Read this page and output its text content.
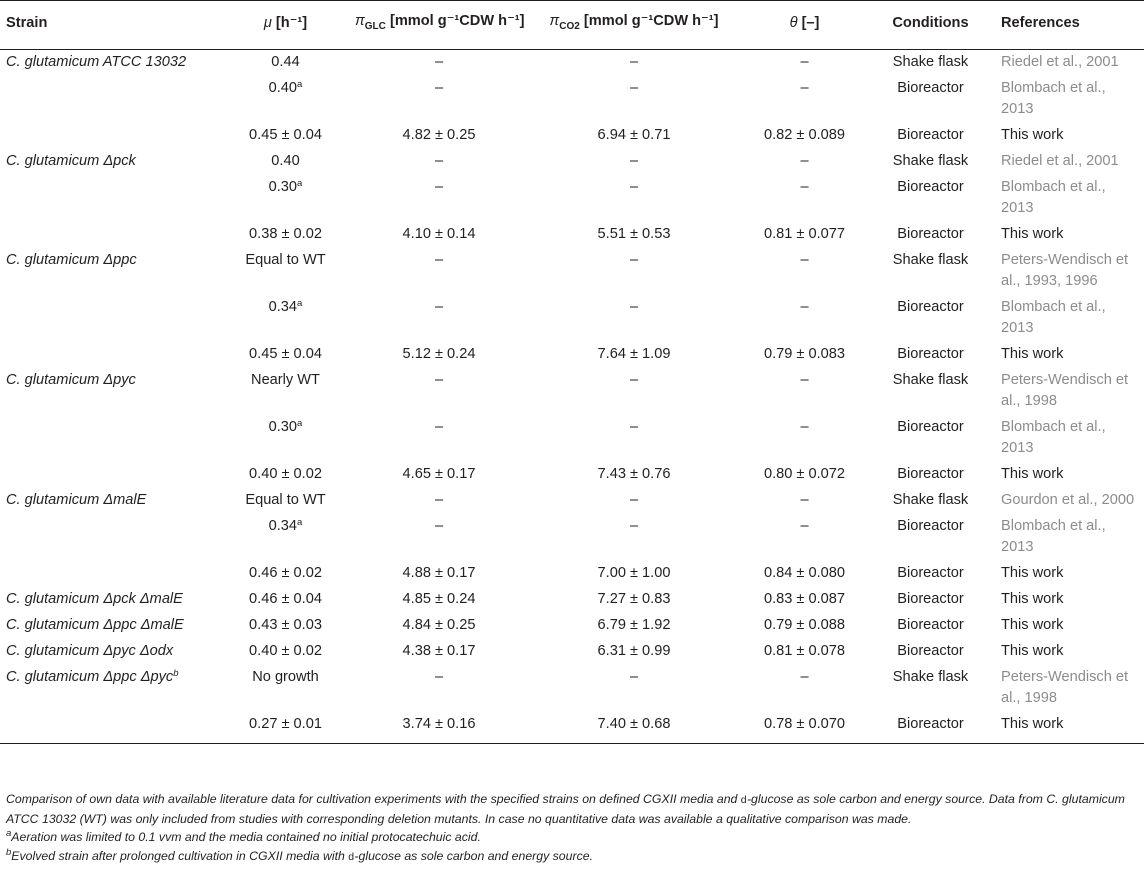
Strain	μ [h⁻¹]	$\pi_{GLC}$ [mmol g⁻¹CDW h⁻¹]	$\pi_{CO2}$ [mmol g⁻¹CDW h⁻¹]	θ [–]	Conditions	References
C. glutamicum ATCC 13032	0.44	–	–	–	Shake flask	Riedel et al., 2001
	0.40$^a$	–	–	–	Bioreactor	Blombach et al., 2013
	0.45 ± 0.04	4.82 ± 0.25	6.94 ± 0.71	0.82 ± 0.089	Bioreactor	This work
C. glutamicum Δpck	0.40	–	–	–	Shake flask	Riedel et al., 2001
	0.30$^a$	–	–	–	Bioreactor	Blombach et al., 2013
	0.38 ± 0.02	4.10 ± 0.14	5.51 ± 0.53	0.81 ± 0.077	Bioreactor	This work
C. glutamicum Δppc	Equal to WT	–	–	–	Shake flask	Peters-Wendisch et al., 1993, 1996
	0.34$^a$	–	–	–	Bioreactor	Blombach et al., 2013
	0.45 ± 0.04	5.12 ± 0.24	7.64 ± 1.09	0.79 ± 0.083	Bioreactor	This work
C. glutamicum Δpyc	Nearly WT	–	–	–	Shake flask	Peters-Wendisch et al., 1998
	0.30$^a$	–	–	–	Bioreactor	Blombach et al., 2013
	0.40 ± 0.02	4.65 ± 0.17	7.43 ± 0.76	0.80 ± 0.072	Bioreactor	This work
C. glutamicum ΔmalE	Equal to WT	–	–	–	Shake flask	Gourdon et al., 2000
	0.34$^a$	–	–	–	Bioreactor	Blombach et al., 2013
	0.46 ± 0.02	4.88 ± 0.17	7.00 ± 1.00	0.84 ± 0.080	Bioreactor	This work
C. glutamicum Δpck ΔmalE	0.46 ± 0.04	4.85 ± 0.24	7.27 ± 0.83	0.83 ± 0.087	Bioreactor	This work
C. glutamicum Δppc ΔmalE	0.43 ± 0.03	4.84 ± 0.25	6.79 ± 1.92	0.79 ± 0.088	Bioreactor	This work
C. glutamicum Δpyc Δodx	0.40 ± 0.02	4.38 ± 0.17	6.31 ± 0.99	0.81 ± 0.078	Bioreactor	This work
C. glutamicum Δppc Δpyc$^b$	No growth	–	–	–	Shake flask	Peters-Wendisch et al., 1998
	0.27 ± 0.01	3.74 ± 0.16	7.40 ± 0.68	0.78 ± 0.070	Bioreactor	This work

Comparison of own data with available literature data for cultivation experiments with the specified strains on defined CGXII media and d-glucose as sole carbon and energy source. Data from C. glutamicum ATCC 13032 (WT) was only included from studies with corresponding deletion mutants. In case no quantitative data was available a qualitative comparison was made.

$^a$Aeration was limited to 0.1 vvm and the media contained no initial protocatechuic acid.

$^b$Evolved strain after prolonged cultivation in CGXII media with d-glucose as sole carbon and energy source.
